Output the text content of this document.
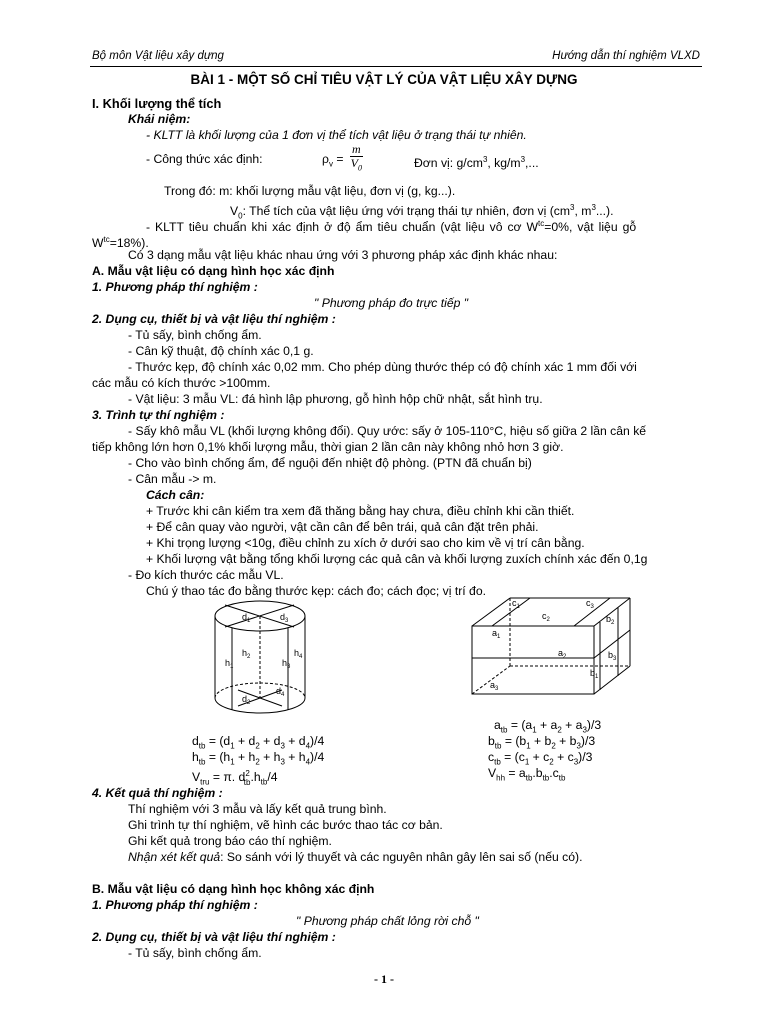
Bộ môn Vật liệu xây dựng	Hướng dẫn thí nghiệm VLXD
BÀI 1 - MỘT SỐ CHỈ TIÊU VẬT LÝ CỦA VẬT LIỆU XÂY DỰNG
I. Khối lượng thể tích
Khái niệm:
- KLTT là khối lượng của 1 đơn vị thể tích vật liệu ở trạng thái tự nhiên.
- Công thức xác định:	$\rho_v = \frac{m}{V_0}$	Đơn vị: $g/cm^3$, $kg/m^3$,...
Trong đó: m: khối lượng mẫu vật liệu, đơn vị (g, kg...).
$V_0$: Thể tích của vật liệu ứng với trạng thái tự nhiên, đơn vị ($cm^3$, $m^3$...).
- KLTT tiêu chuẩn khi xác định ở độ ẩm tiêu chuẩn (vật liệu vô cơ $W^{tc}=0\%$, vật liệu gỗ
$W^{tc}=18\%$).
Có 3 dạng mẫu vật liệu khác nhau ứng với 3 phương pháp xác định khác nhau:
A. Mẫu vật liệu có dạng hình học xác định
1. Phương pháp thí nghiệm :
" Phương pháp đo trực tiếp "
2. Dụng cụ, thiết bị và vật liệu thí nghiệm :
- Tủ sấy, bình chống ẩm.
- Cân kỹ thuật, độ chính xác 0,1 g.
- Thước kẹp, độ chính xác 0,02 mm. Cho phép dùng thước thép có độ chính xác 1 mm đối với
các mẫu có kích thước >100mm.
- Vật liệu: 3 mẫu VL: đá hình lập phương, gỗ hình hộp chữ nhật, sắt hình trụ.
3. Trình tự thí nghiệm :
- Sấy khô mẫu VL (khối lượng không đổi). Quy ước: sấy ở 105-110°C, hiệu số giữa 2 lần cân kế
tiếp không lớn hơn 0,1% khối lượng mẫu, thời gian 2 lần cân này không nhỏ hơn 3 giờ.
- Cho vào bình chống ẩm, để nguội đến nhiệt độ phòng. (PTN đã chuẩn bị)
- Cân mẫu -> m.
Cách cân:
+ Trước khi cân kiểm tra xem đã thăng bằng hay chưa, điều chỉnh khi cần thiết.
+ Để cân quay vào người, vật cần cân để bên trái, quả cân đặt trên phải.
+ Khi trọng lượng <10g, điều chỉnh zu xích ở dưới sao cho kim về vị trí cân bằng.
+ Khối lượng vật bằng tổng khối lượng các quả cân và khối lượng zuxích chính xác đến 0,1g
- Đo kích thước các mẫu VL.
Chú ý thao tác đo bằng thước kẹp: cách đo; cách đọc; vị trí đo.
$d_1$	$d_3$
$h_2$	$h_4$
$h_1$	$h_3$
$d_4$
$d_2$
$c_1$	$c_3$
$c_2$	$b_2$
$a_1$
$b_3$
$a_2$
$b_1$
$a_3$
$a_{tb} = (a_1 + a_2 + a_3)/3$
$d_{tb} = (d_1 + d_2 + d_3 + d_4)/4$	$b_{tb} = (b_1 + b_2 + b_3)/3$
$h_{tb} = (h_1 + h_2 + h_3 + h_4)/4$	$c_{tb} = (c_1 + c_2 + c_3)/3$
$V_{tru} = \pi$. $d^2_{tb}.h_{tb}/4$	$V_{hh} = a_{tb}.b_{tb}.c_{tb}$
4. Kết quả thí nghiệm :
Thí nghiệm với 3 mẫu và lấy kết quả trung bình.
Ghi trình tự thí nghiệm, vẽ hình các bước thao tác cơ bản.
Ghi kết quả trong báo cáo thí nghiệm.
Nhận xét kết quả: So sánh với lý thuyết và các nguyên nhân gây lên sai số (nếu có).
B. Mẫu vật liệu có dạng hình học không xác định
1. Phương pháp thí nghiệm :
" Phương pháp chất lỏng rời chỗ "
2. Dụng cụ, thiết bị và vật liệu thí nghiệm :
- Tủ sấy, bình chống ẩm.
- 1 -
